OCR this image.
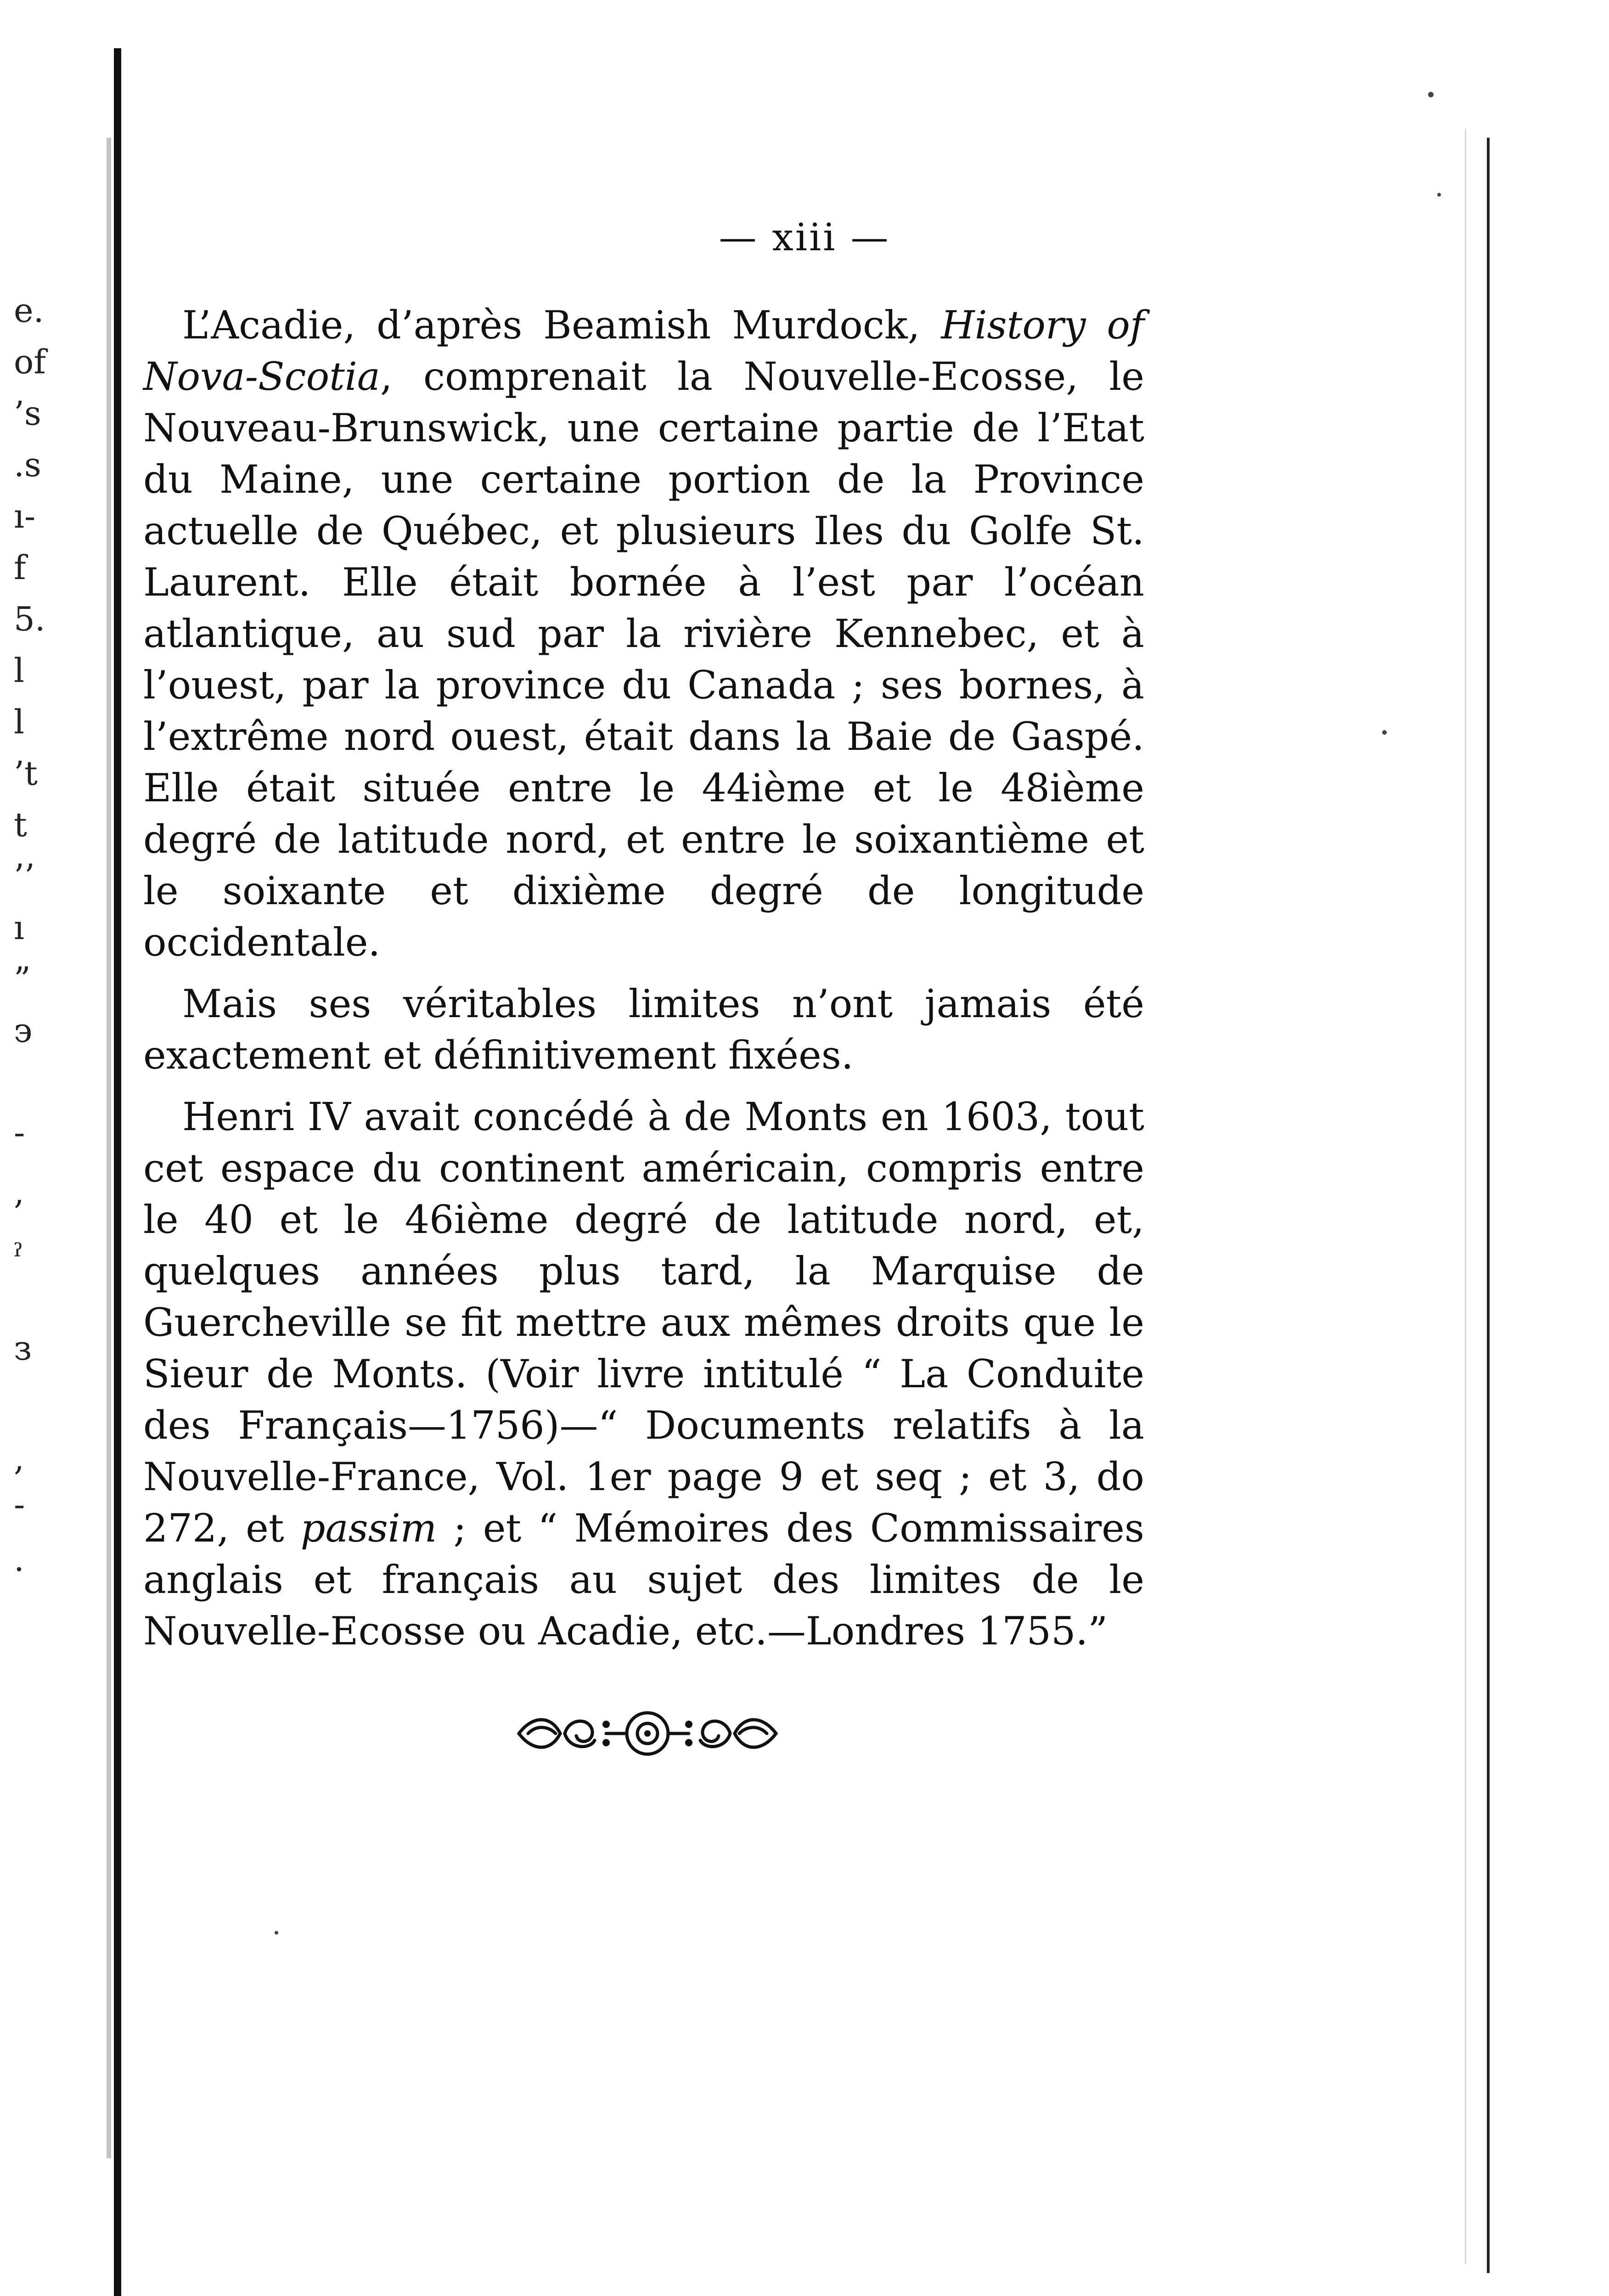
e.
of
’s
.s
ı-
f
5.
l
l
’t
t
’’
ı
”
э
-
,
ˀ
з
,
-
.
— xiii —

L’Acadie, d’après Beamish Murdock, History of Nova-Scotia, comprenait la Nouvelle-Ecosse, le Nouveau-Brunswick, une certaine partie de l’Etat du Maine, une certaine portion de la Province actuelle de Québec, et plusieurs Iles du Golfe St. Laurent. Elle était bornée à l’est par l’océan atlantique, au sud par la rivière Kennebec, et à l’ouest, par la province du Canada ; ses bornes, à l’extrême nord ouest, était dans la Baie de Gaspé. Elle était située entre le 44ième et le 48ième degré de latitude nord, et entre le soixantième et le soixante et dixième degré de longitude occidentale.

Mais ses véritables limites n’ont jamais été exactement et définitivement fixées.

Henri IV avait concédé à de Monts en 1603, tout cet espace du continent américain, compris entre le 40 et le 46ième degré de latitude nord, et, quelques années plus tard, la Marquise de Guercheville se fit mettre aux mêmes droits que le Sieur de Monts. (Voir livre intitulé “ La Conduite des Français—1756)—“ Documents relatifs à la Nouvelle-France, Vol. 1er page 9 et seq ; et 3, do 272, et passim ; et “ Mémoires des Commissaires anglais et français au sujet des limites de le Nouvelle-Ecosse ou Acadie, etc.—Londres 1755.”
